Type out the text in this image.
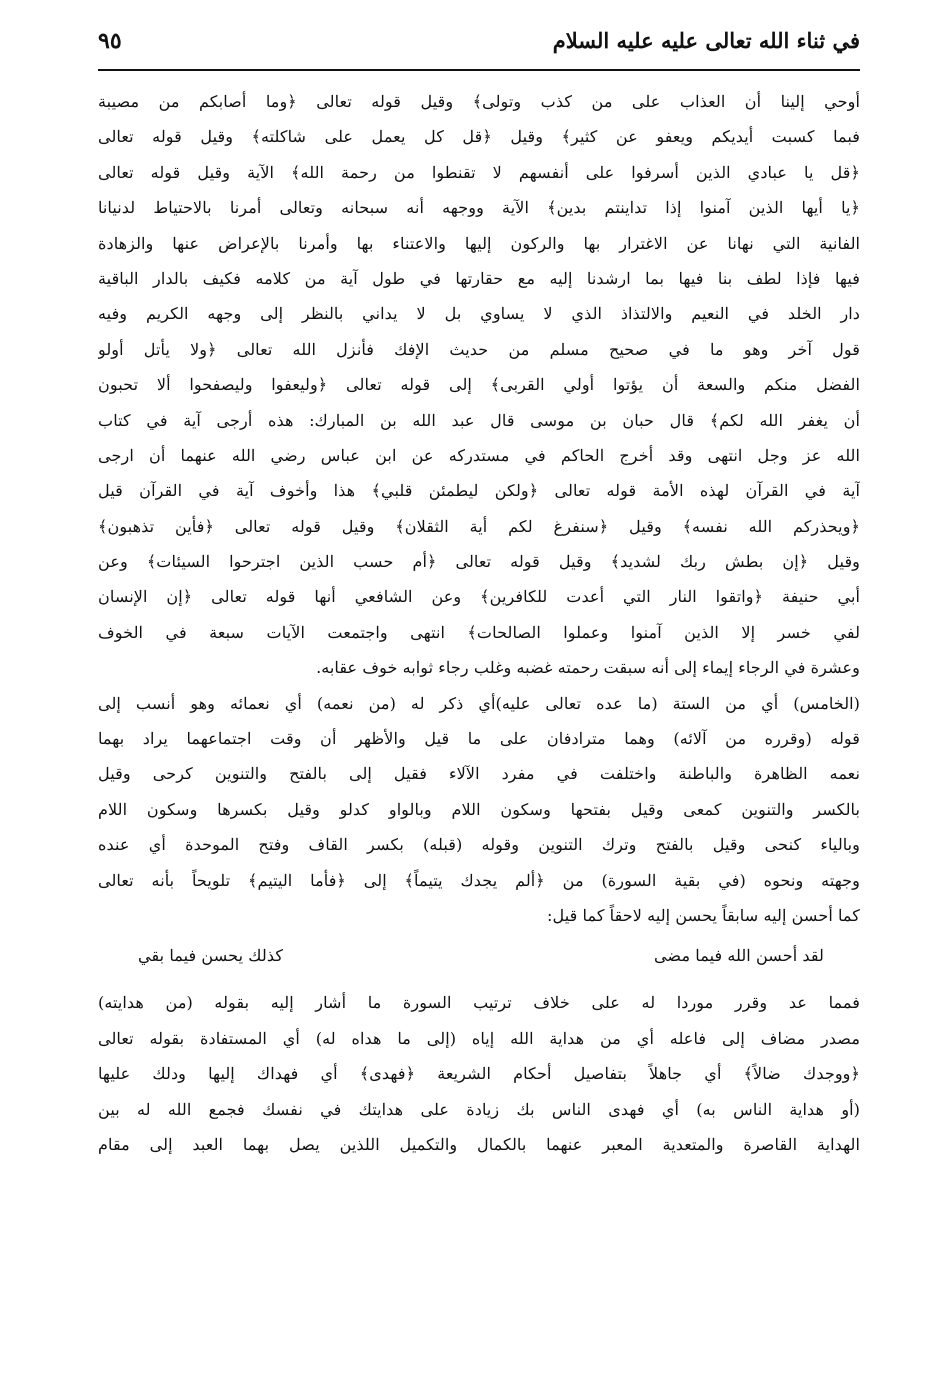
في ثناء الله تعالى عليه عليه السلام
٩٥
أوحي إلينا أن العذاب على من كذب وتولى﴾ وقيل قوله تعالى ﴿وما أصابكم من مصيبة
فبما كسبت أيديكم ويعفو عن كثير﴾ وقيل ﴿قل كل يعمل على شاكلته﴾ وقيل قوله تعالى
﴿قل يا عبادي الذين أسرفوا على أنفسهم لا تقنطوا من رحمة الله﴾ الآية وقيل قوله تعالى
﴿يا أيها الذين آمنوا إذا تداينتم بدين﴾ الآية ووجهه أنه سبحانه وتعالى أمرنا بالاحتياط لدنيانا
الفانية التي نهانا عن الاغترار بها والركون إليها والاعتناء بها وأمرنا بالإعراض عنها والزهادة
فيها فإذا لطف بنا فيها بما ارشدنا إليه مع حقارتها في طول آية من كلامه فكيف بالدار الباقية
دار الخلد في النعيم والالتذاذ الذي لا يساوي بل لا يداني بالنظر إلى وجهه الكريم وفيه
قول آخر وهو ما في صحيح مسلم من حديث الإفك فأنزل الله تعالى ﴿ولا يأتل أولو
الفضل منكم والسعة أن يؤتوا أولي القربى﴾ إلى قوله تعالى ﴿وليعفوا وليصفحوا ألا تحبون
أن يغفر الله لكم﴾ قال حبان بن موسى قال عبد الله بن المبارك: هذه أرجى آية في كتاب
الله عز وجل انتهى وقد أخرج الحاكم في مستدركه عن ابن عباس رضي الله عنهما أن ارجى
آية في القرآن لهذه الأمة قوله تعالى ﴿ولكن ليطمئن قلبي﴾ هذا وأخوف آية في القرآن قيل
﴿ويحذركم الله نفسه﴾ وقيل ﴿سنفرغ لكم أية الثقلان﴾ وقيل قوله تعالى ﴿فأين تذهبون﴾
وقيل ﴿إن بطش ربك لشديد﴾ وقيل قوله تعالى ﴿أم حسب الذين اجترحوا السيئات﴾ وعن
أبي حنيفة ﴿واتقوا النار التي أعدت للكافرين﴾ وعن الشافعي أنها قوله تعالى ﴿إن الإنسان
لفي خسر إلا الذين آمنوا وعملوا الصالحات﴾ انتهى واجتمعت الآيات سبعة في الخوف
وعشرة في الرجاء إيماء إلى أنه سبقت رحمته غضبه وغلب رجاء ثوابه خوف عقابه.
(الخامس) أي من الستة (ما عده تعالى عليه)أي ذكر له (من نعمه) أي نعمائه وهو أنسب إلى
قوله (وقرره من آلائه) وهما مترادفان على ما قيل والأظهر أن وقت اجتماعهما يراد بهما
نعمه الظاهرة والباطنة واختلفت في مفرد الآلاء فقيل إلى بالفتح والتنوين كرحى وقيل
بالكسر والتنوين كمعى وقيل بفتحها وسكون اللام وبالواو كدلو وقيل بكسرها وسكون اللام
وبالياء كنحى وقيل بالفتح وترك التنوين وقوله (قبله) بكسر القاف وفتح الموحدة أي عنده
وجهته ونحوه (في بقية السورة) من ﴿ألم يجدك يتيماً﴾ إلى ﴿فأما اليتيم﴾ تلويحاً بأنه تعالى
كما أحسن إليه سابقاً يحسن إليه لاحقاً كما قيل:
لقد أحسن الله فيما مضى
كذلك يحسن فيما بقي
فمما عد وقرر موردا له على خلاف ترتيب السورة ما أشار إليه بقوله (من هدايته)
مصدر مضاف إلى فاعله أي من هداية الله إياه (إلى ما هداه له) أي المستفادة بقوله تعالى
﴿ووجدك ضالاً﴾ أي جاهلاً بتفاصيل أحكام الشريعة ﴿فهدى﴾ أي فهداك إليها ودلك عليها
(أو هداية الناس به) أي فهدى الناس بك زيادة على هدايتك في نفسك فجمع الله له بين
الهداية القاصرة والمتعدية المعبر عنهما بالكمال والتكميل اللذين يصل بهما العبد إلى مقام
